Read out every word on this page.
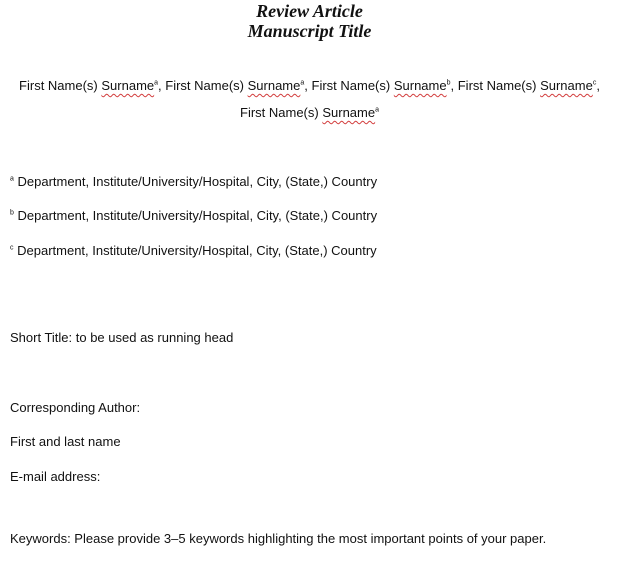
Review Article
Manuscript Title
First Name(s) Surname$^a$, First Name(s) Surname$^a$, First Name(s) Surname$^b$, First Name(s) Surname$^c$,
First Name(s) Surname$^a$
$^a$ Department, Institute/University/Hospital, City, (State,) Country
$^b$ Department, Institute/University/Hospital, City, (State,) Country
$^c$ Department, Institute/University/Hospital, City, (State,) Country
Short Title: to be used as running head
Corresponding Author:
First and last name
E-mail address:
Keywords: Please provide 3–5 keywords highlighting the most important points of your paper.
